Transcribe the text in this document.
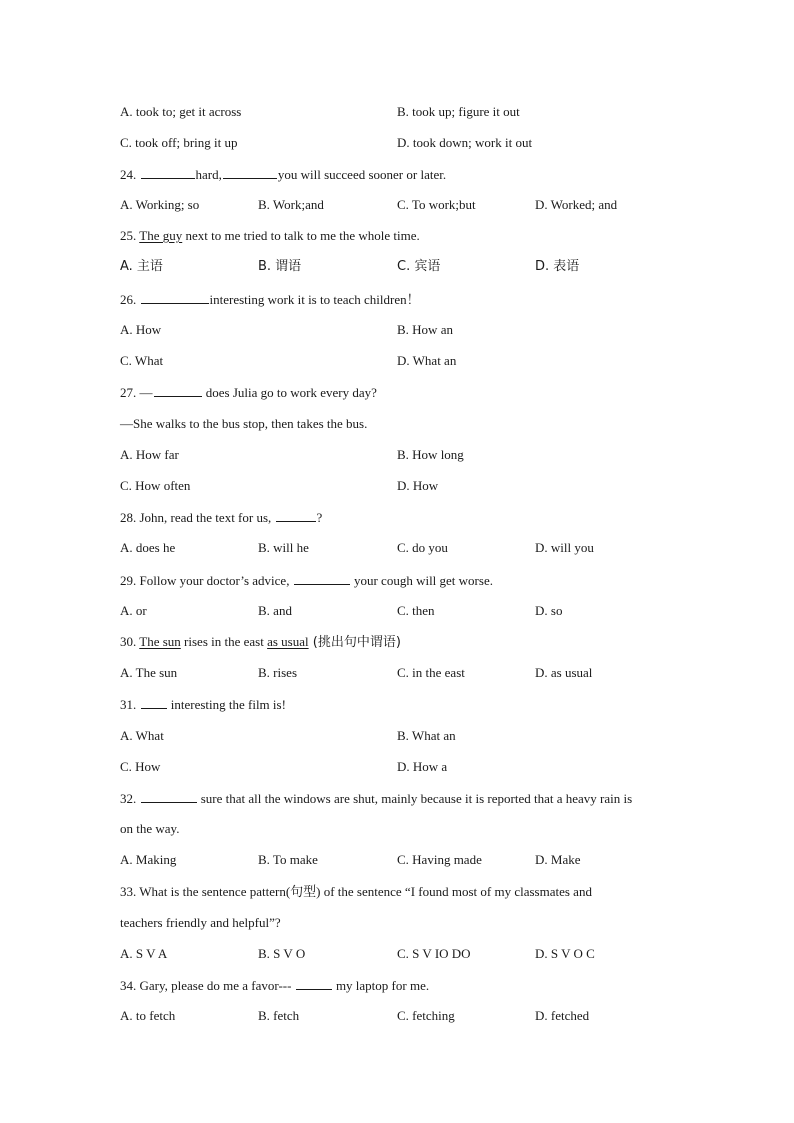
A. took to; get it across	B. took up; figure it out
C. took off; bring it up	D. took down; work it out
24.	hard,	you will succeed sooner or later.
A. Working; so	B. Work;and	C. To work;but	D. Worked; and
25. The guy next to me tried to talk to me the whole time.
A. 主语	B. 谓语	C. 宾语	D. 表语
26.	interesting work it is to teach children！
A. How	B. How an
C. What	D. What an
27. —	does Julia go to work every day?
—She walks to the bus stop, then takes the bus.
A. How far	B. How long
C. How often	D. How
28. John, read the text for us,	?
A. does he	B. will he	C. do you	D. will you
29. Follow your doctor’s advice,	your cough will get worse.
A. or	B. and	C. then	D. so
30. The sun rises in the east as usual (挑出句中谓语)
A. The sun	B. rises	C. in the east	D. as usual
31.  interesting the film is!
A. What	B. What an
C. How	D. How a
32.	sure that all the windows are shut, mainly because it is reported that a heavy rain is
on the way.
A. Making	B. To make	C. Having made	D. Make
33. What is the sentence pattern(句型) of the sentence “I found most of my classmates and
teachers friendly and helpful”?
A. S V A	B. S V O	C. S V IO DO	D. S V O C
34. Gary, please do me a favor---	my laptop for me.
A. to fetch	B. fetch	C. fetching	D. fetched
